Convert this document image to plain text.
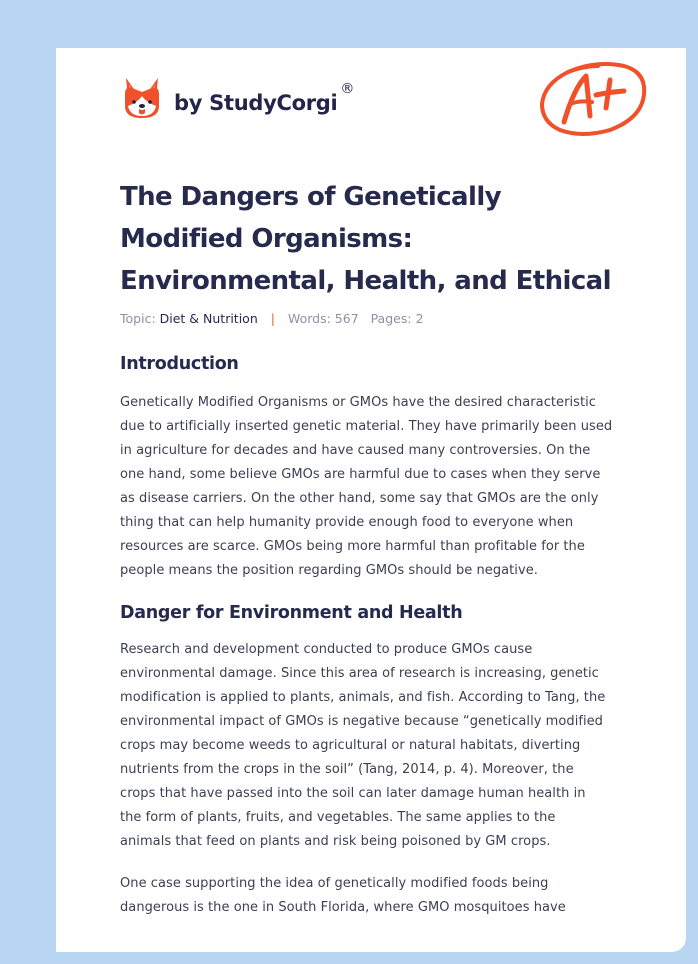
by StudyCorgi®
The Dangers of Genetically
Modified Organisms:
Environmental, Health, and Ethical
Topic: Diet & Nutrition | Words: 567 Pages: 2
Introduction

Genetically Modified Organisms or GMOs have the desired characteristic
due to artificially inserted genetic material. They have primarily been used
in agriculture for decades and have caused many controversies. On the
one hand, some believe GMOs are harmful due to cases when they serve
as disease carriers. On the other hand, some say that GMOs are the only
thing that can help humanity provide enough food to everyone when
resources are scarce. GMOs being more harmful than profitable for the
people means the position regarding GMOs should be negative.

Danger for Environment and Health

Research and development conducted to produce GMOs cause
environmental damage. Since this area of research is increasing, genetic
modification is applied to plants, animals, and fish. According to Tang, the
environmental impact of GMOs is negative because “genetically modified
crops may become weeds to agricultural or natural habitats, diverting
nutrients from the crops in the soil” (Tang, 2014, p. 4). Moreover, the
crops that have passed into the soil can later damage human health in
the form of plants, fruits, and vegetables. The same applies to the
animals that feed on plants and risk being poisoned by GM crops.

One case supporting the idea of genetically modified foods being
dangerous is the one in South Florida, where GMO mosquitoes have
